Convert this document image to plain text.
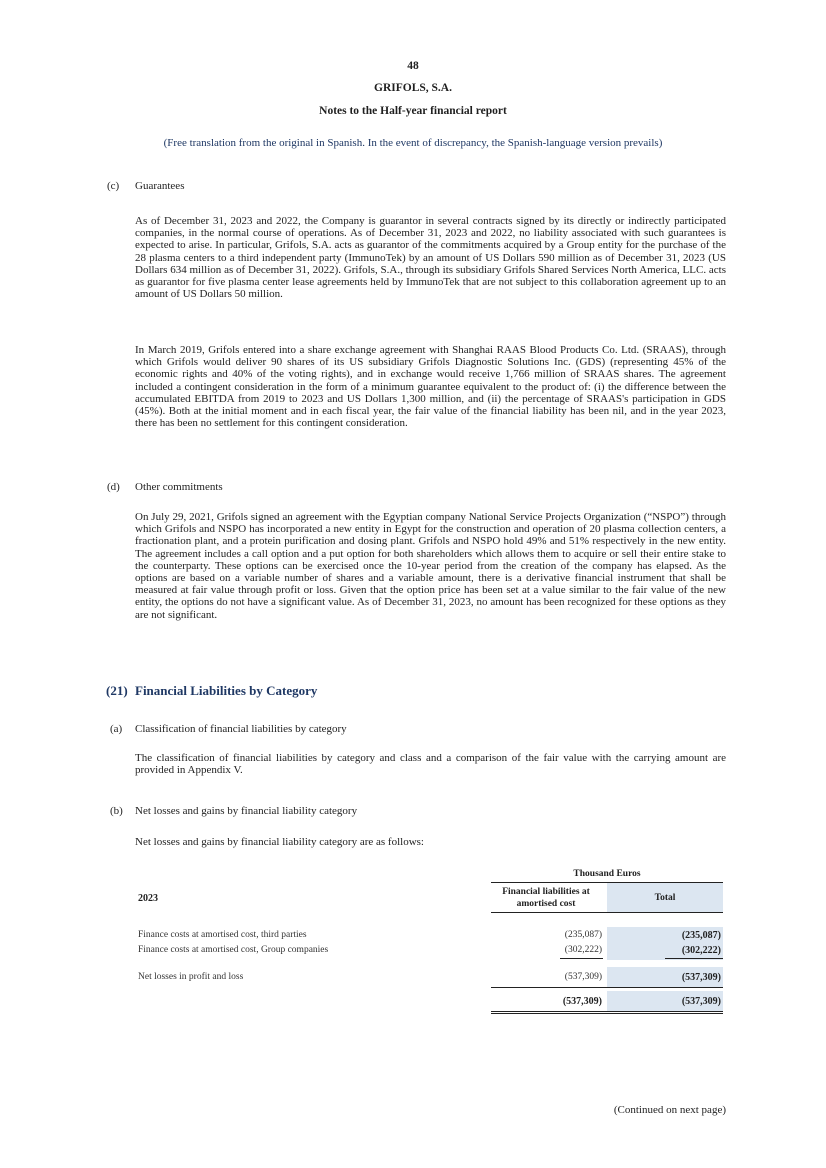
48
GRIFOLS, S.A.
Notes to the Half-year financial report
(Free translation from the original in Spanish. In the event of discrepancy, the Spanish-language version prevails)
(c) Guarantees
As of December 31, 2023 and 2022, the Company is guarantor in several contracts signed by its directly or indirectly participated companies, in the normal course of operations. As of December 31, 2023 and 2022, no liability associated with such guarantees is expected to arise. In particular, Grifols, S.A. acts as guarantor of the commitments acquired by a Group entity for the purchase of the 28 plasma centers to a third independent party (ImmunoTek) by an amount of US Dollars 590 million as of December 31, 2023 (US Dollars 634 million as of December 31, 2022). Grifols, S.A., through its subsidiary Grifols Shared Services North America, LLC. acts as guarantor for five plasma center lease agreements held by ImmunoTek that are not subject to this collaboration agreement up to an amount of US Dollars 50 million.
In March 2019, Grifols entered into a share exchange agreement with Shanghai RAAS Blood Products Co. Ltd. (SRAAS), through which Grifols would deliver 90 shares of its US subsidiary Grifols Diagnostic Solutions Inc. (GDS) (representing 45% of the economic rights and 40% of the voting rights), and in exchange would receive 1,766 million of SRAAS shares. The agreement included a contingent consideration in the form of a minimum guarantee equivalent to the product of: (i) the difference between the accumulated EBITDA from 2019 to 2023 and US Dollars 1,300 million, and (ii) the percentage of SRAAS's participation in GDS (45%). Both at the initial moment and in each fiscal year, the fair value of the financial liability has been nil, and in the year 2023, there has been no settlement for this contingent consideration.
(d) Other commitments
On July 29, 2021, Grifols signed an agreement with the Egyptian company National Service Projects Organization (“NSPO”) through which Grifols and NSPO has incorporated a new entity in Egypt for the construction and operation of 20 plasma collection centers, a fractionation plant, and a protein purification and dosing plant. Grifols and NSPO hold 49% and 51% respectively in the new entity. The agreement includes a call option and a put option for both shareholders which allows them to acquire or sell their entire stake to the counterparty. These options can be exercised once the 10-year period from the creation of the company has elapsed. As the options are based on a variable number of shares and a variable amount, there is a derivative financial instrument that shall be measured at fair value through profit or loss. Given that the option price has been set at a value similar to the fair value of the new entity, the options do not have a significant value. As of December 31, 2023, no amount has been recognized for these options as they are not significant.
(21) Financial Liabilities by Category
(a) Classification of financial liabilities by category
The classification of financial liabilities by category and class and a comparison of the fair value with the carrying amount are provided in Appendix V.
(b) Net losses and gains by financial liability category
Net losses and gains by financial liability category are as follows:
Thousand Euros
2023
Financial liabilities at
amortised cost
Total
Finance costs at amortised cost, third parties	(235,087)	(235,087)
Finance costs at amortised cost, Group companies	(302,222)	(302,222)
Net losses in profit and loss	(537,309)	(537,309)
(537,309)	(537,309)
(Continued on next page)
